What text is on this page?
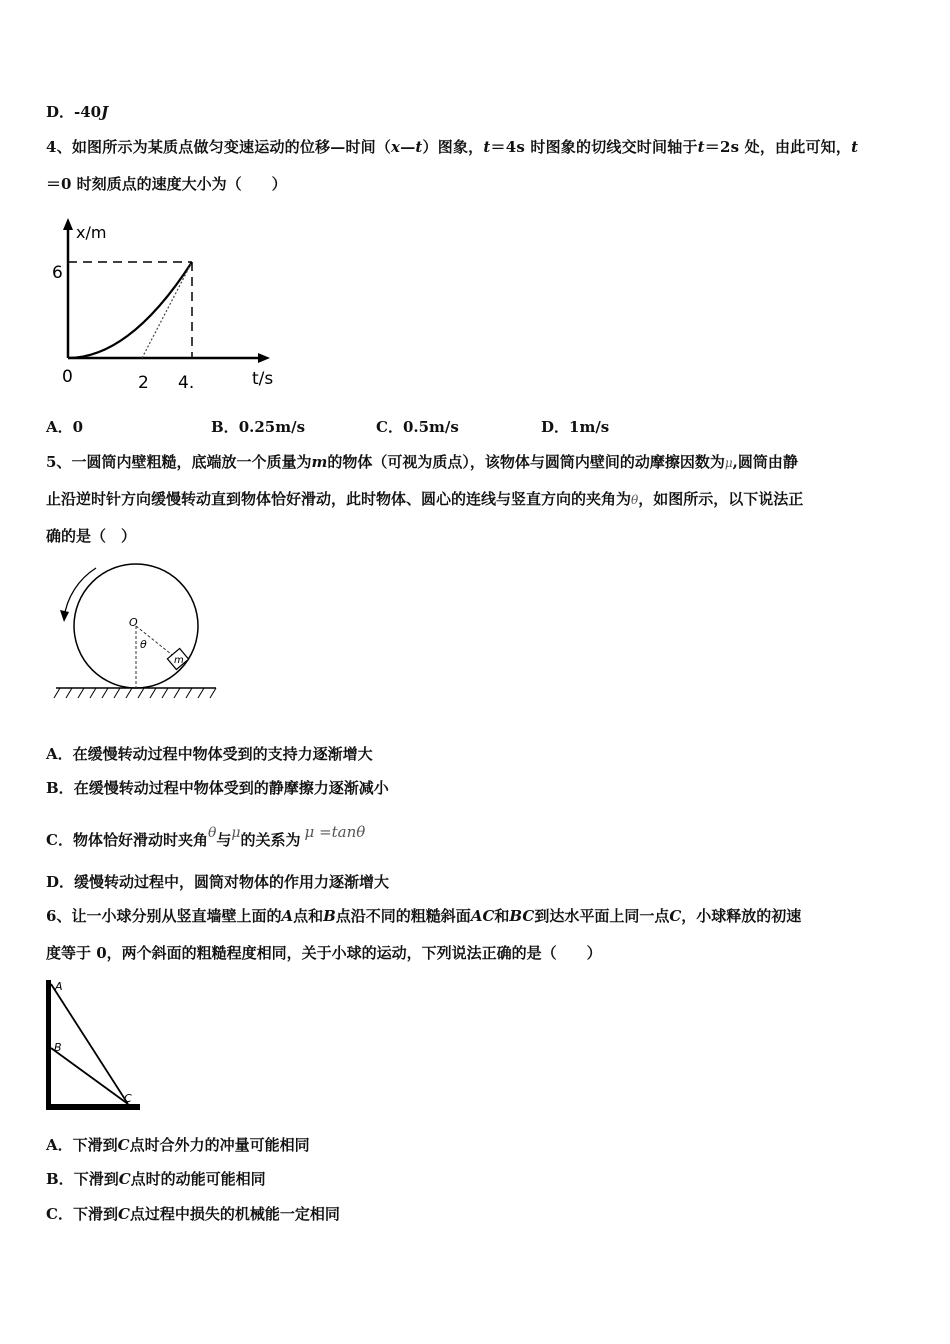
D．-40J
4、如图所示为某质点做匀变速运动的位移—时间（x—t）图象，t＝4s 时图象的切线交时间轴于t＝2s 处，由此可知，t
＝0 时刻质点的速度大小为（　　）
x/m
6
0	2 4.	t/s
A．0	B．0.25m/s	C．0.5m/s	D．1m/s
5、一圆筒内壁粗糙，底端放一个质量为m的物体（可视为质点），该物体与圆筒内壁间的动摩擦因数为μ,圆筒由静
止沿逆时针方向缓慢转动直到物体恰好滑动，此时物体、圆心的连线与竖直方向的夹角为θ，如图所示，以下说法正
确的是（　）
O
θ
m
A．在缓慢转动过程中物体受到的支持力逐渐增大
B．在缓慢转动过程中物体受到的静摩擦力逐渐减小
C．物体恰好滑动时夹角θ与μ的关系为 μ =tanθ
D．缓慢转动过程中，圆筒对物体的作用力逐渐增大
6、让一小球分别从竖直墙壁上面的A点和B点沿不同的粗糙斜面AC和BC到达水平面上同一点C，小球释放的初速
度等于 0，两个斜面的粗糙程度相同，关于小球的运动，下列说法正确的是（　　）
A
B
C
A．下滑到C点时合外力的冲量可能相同
B．下滑到C点时的动能可能相同
C．下滑到C点过程中损失的机械能一定相同
